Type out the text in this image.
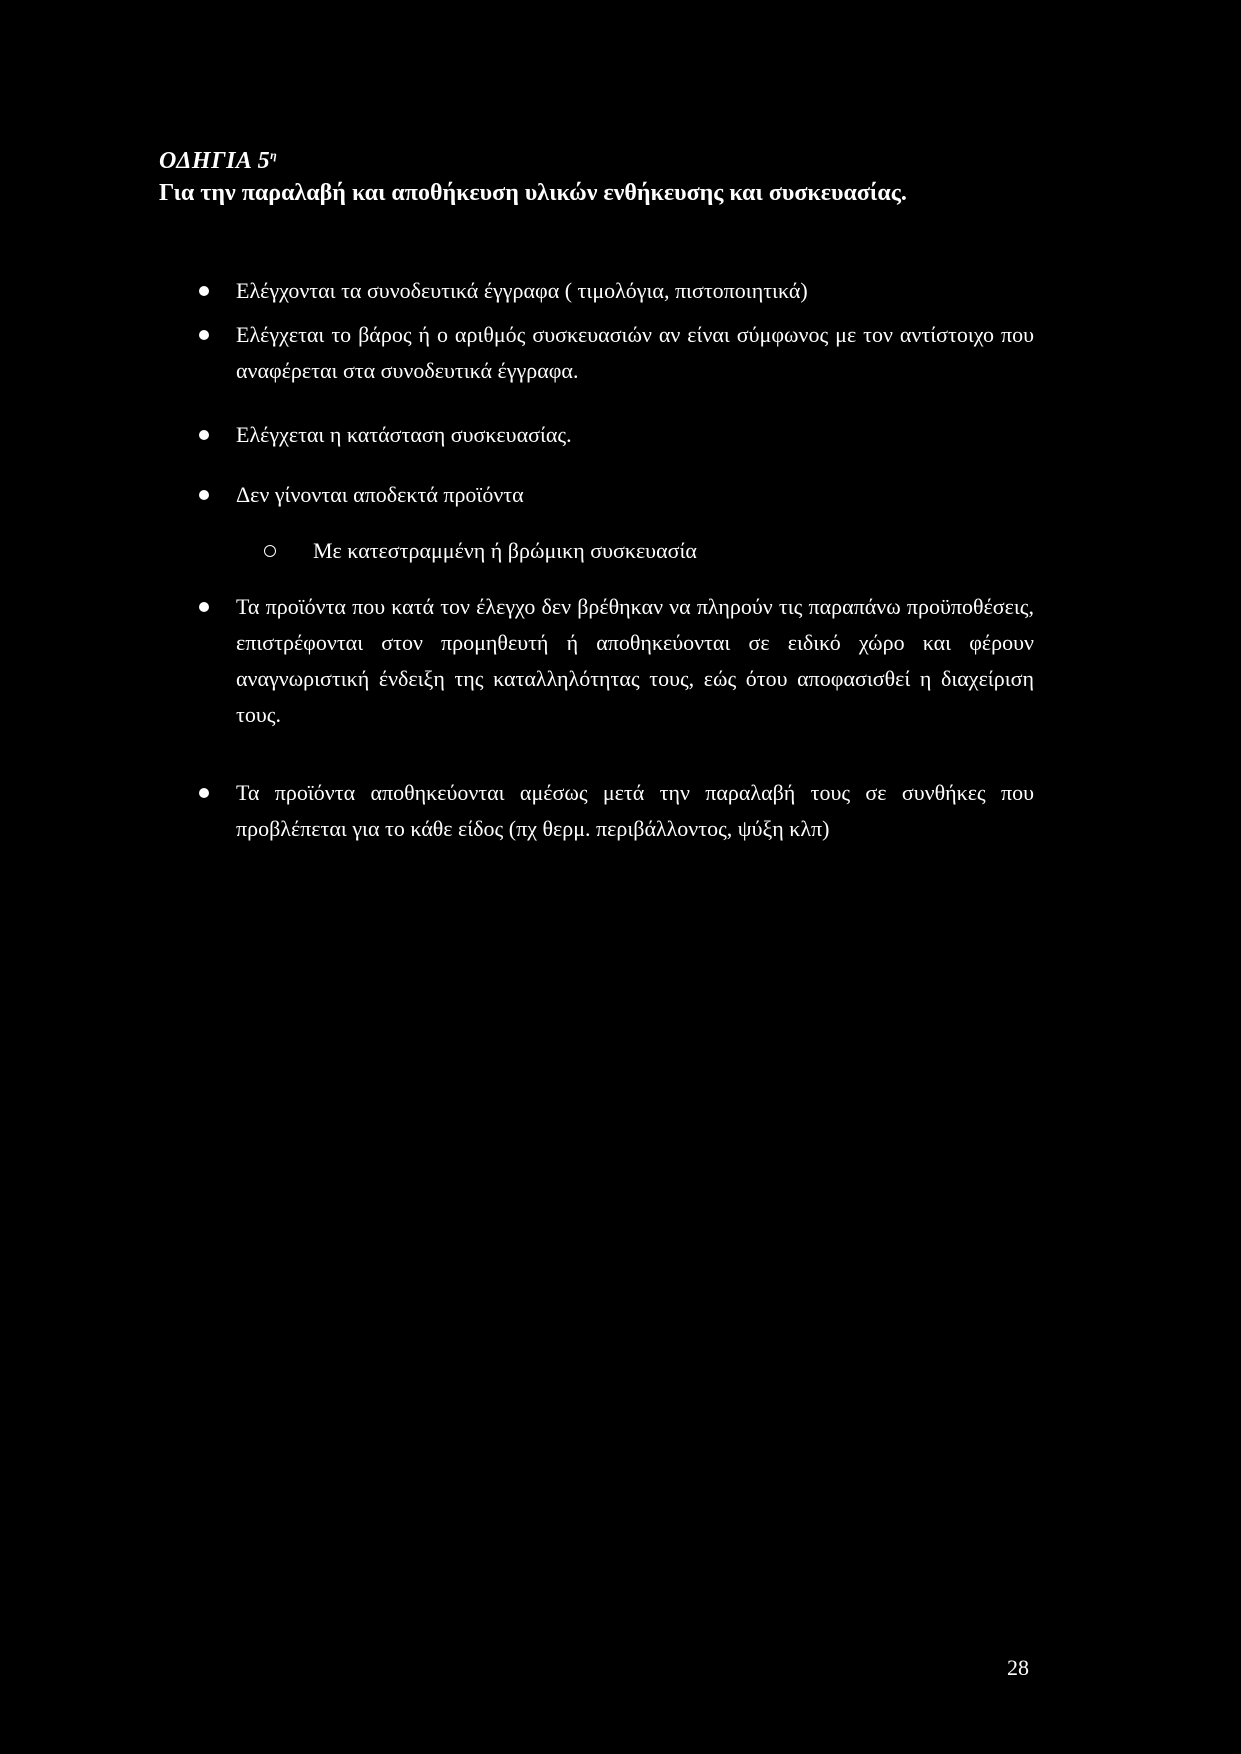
ΟΔΗΓΙΑ $5^\eta$
Για την παραλαβή και αποθήκευση υλικών ενθήκευσης και συσκευασίας.
Ελέγχονται τα συνοδευτικά έγγραφα ( τιμολόγια, πιστοποιητικά)
Ελέγχεται το βάρος ή ο αριθμός συσκευασιών αν είναι σύμφωνος με τον αντίστοιχο που αναφέρεται στα συνοδευτικά έγγραφα.
Ελέγχεται η κατάσταση συσκευασίας.
Δεν γίνονται αποδεκτά προϊόντα
Με κατεστραμμένη ή βρώμικη συσκευασία
Τα προϊόντα που κατά τον έλεγχο δεν βρέθηκαν να πληρούν τις παραπάνω προϋποθέσεις, επιστρέφονται στον προμηθευτή ή αποθηκεύονται σε ειδικό χώρο και φέρουν αναγνωριστική ένδειξη της καταλληλότητας τους, εώς ότου αποφασισθεί η διαχείριση τους.
Τα προϊόντα αποθηκεύονται αμέσως μετά την παραλαβή τους σε συνθήκες που προβλέπεται για το κάθε είδος (πχ θερμ. περιβάλλοντος, ψύξη κλπ)
28
